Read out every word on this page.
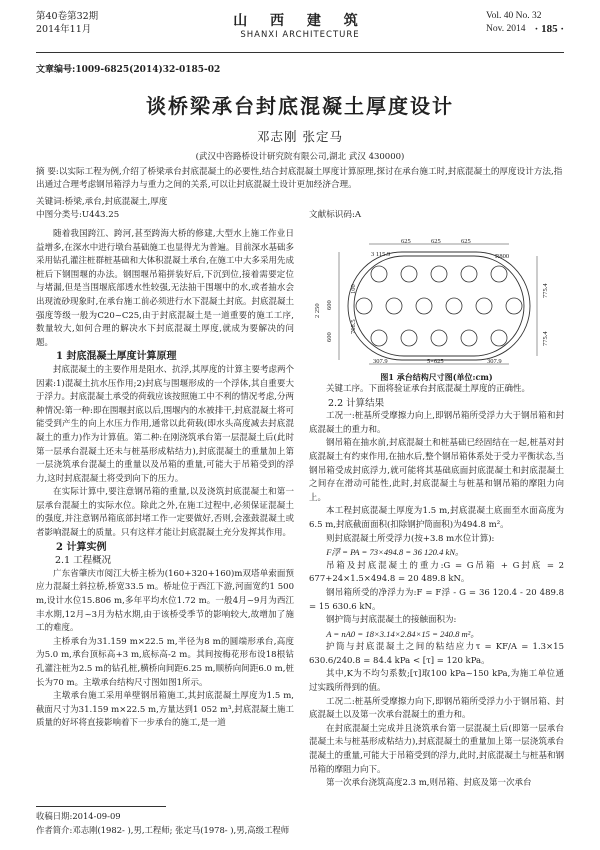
第40卷第32期
2014年11月
山 西 建 筑
SHANXI ARCHITECTURE
Vol. 40 No. 32
Nov. 2014 · 185 ·
文章编号:1009-6825(2014)32-0185-02
谈桥梁承台封底混凝土厚度设计
邓志刚 张定马
(武汉中咨路桥设计研究院有限公司,湖北 武汉 430000)

摘 要:以实际工程为例,介绍了桥梁承台封底混凝土的必要性,结合封底混凝土厚度计算原理,探讨在承台施工时,封底混凝土的厚度设计方法,指出通过合理考虑钢吊箱浮力与重力之间的关系,可以让封底混凝土设计更加经济合理。

关键词:桥梁,承台,封底混凝土,厚度
中图分类号:U443.25	文献标识码:A

随着我国跨江、跨河,甚至跨海大桥的修建,大型水上施工作业日益增多,在深水中进行墩台基础施工也显得尤为普遍。目前深水基础多采用钻孔灌注桩群桩基础和大体积混凝土承台,在施工中大多采用先成桩后下钢围堰的办法。钢围堰吊箱拼装好后,下沉到位,接着需要定位与堵漏,但是当围堰底部透水性较强,无法抽干围堰中的水,或者抽水会出现流砂现象时,在承台施工前必须进行水下混凝土封底。封底混凝土强度等级一般为C20~C25,由于封底混凝土是一道重要的施工工序,数量较大,如何合理的解决水下封底混凝土厚度,就成为要解决的问题。

1 封底混凝土厚度计算原理

封底混凝土的主要作用是阻水、抗浮,其厚度的计算主要考虑两个因素:1)混凝土抗水压作用;2)封底与围堰形成的一个浮体,其自重要大于浮力。封底混凝土承受的荷载应该按照施工中不利的情况考虑,分两种情况:第一种:即在围堰封底以后,围堰内的水被排干,封底混凝土将可能受到产生的向上水压力作用,通常以此荷载(即水头高度减去封底混凝土的重力)作为计算值。第二种:在刚浇筑承台第一层混凝土后(此时第一层承台混凝土还未与桩基形成粘结力),封底混凝土的重量加上第一层浇筑承台混凝土的重量以及吊箱的重量,可能大于吊箱受到的浮力,这时封底混凝土将受到向下的压力。

在实际计算中,要注意钢吊箱的重量,以及浇筑封底混凝土和第一层承台混凝土的实际水位。除此之外,在施工过程中,必须保证混凝土的强度,并注意钢吊箱底部封堵工作一定要做好,否则,会涨鼓混凝土或者影响混凝土的质量。只有这样才能让封底混凝土充分发挥其作用。

2 计算实例

2.1 工程概况

广东省肇庆市阅江大桥主桥为(160+320+160)m双塔单索面预应力混凝土斜拉桥,桥宽33.5 m。桥址位于西江下游,河面宽约1 500 m,设计水位15.806 m,多年平均水位1.72 m。一般4月~9月为西江丰水期,12月~3月为枯水期,由于该桥受季节的影响较大,故增加了施工的难度。

主桥承台为31.159 m×22.5 m,半径为8 m的圆端形承台,高度为5.0 m,承台顶标高+3 m,底标高-2 m。其间按梅花形布设18根钻孔灌注桩为2.5 m的钻孔桩,横桥向间距6.25 m,顺桥向间距6.0 m,桩长为70 m。主墩承台结构尺寸图如图1所示。

主墩承台施工采用单壁钢吊箱施工,其封底混凝土厚度为1.5 m,截面尺寸为31.159 m×22.5 m,方量达到1 052 m³,封底混凝土施工质量的好坏将直接影响着下一步承台的施工,是一道

625	625	625
3 115.9	R800
2 250
600
600
100
768.5
775.4
775.4
307.9	5×625	307.9
图1 承台结构尺寸图(单位:cm)

关键工序。下面将验证承台封底混凝土厚度的正确性。

2.2 计算结果

工况一:桩基所受摩擦力向上,即钢吊箱所受浮力大于钢吊箱和封底混凝土的重力和。

钢吊箱在抽水前,封底混凝土和桩基础已经固结在一起,桩基对封底混凝土有约束作用,在抽水后,整个钢吊箱体系处于受力平衡状态,当钢吊箱受成封底浮力,就可能将其基础底面封底混凝土和封底混凝土之间存在滑动可能性,此时,封底混凝土与桩基和钢吊箱的摩阻力向上。

本工程封底混凝土厚度为1.5 m,封底混凝土底面至水面高度为6.5 m,封底截面面积(扣除钢护筒面积)为494.8 m²。

则封底混凝土所受浮力(按+3.8 m水位计算):

F浮 = PA = 73×494.8 = 36 120.4 kN。

吊箱及封底混凝土的重力:G = G吊箱 + G封底 = 2 677+24×1.5×494.8 = 20 489.8 kN。

钢吊箱所受的净浮力为:F = F浮 - G = 36 120.4 - 20 489.8 = 15 630.6 kN。

钢护筒与封底混凝土的接触面积为:

A = nA0 = 18×3.14×2.84×15 = 240.8 m²。

护筒与封底混凝土之间的粘结应力τ = KF/A = 1.3×15 630.6/240.8 = 84.4 kPa < [τ] = 120 kPa。

其中,K为不均匀系数;[τ]取100 kPa~150 kPa,为施工单位通过实践所得到的值。

工况二:桩基所受摩擦力向下,即钢吊箱所受浮力小于钢吊箱、封底混凝土以及第一次承台混凝土的重力和。

在封底混凝土完成并且浇筑承台第一层混凝土后(即第一层承台混凝土未与桩基形成粘结力),封底混凝土的重量加上第一层浇筑承台混凝土的重量,可能大于吊箱受到的浮力,此时,封底混凝土与桩基和钢吊箱的摩阻力向下。

第一次承台浇筑高度2.3 m,则吊箱、封底及第一次承台

收稿日期:2014-09-09
作者简介:邓志刚(1982- ),男,工程师; 张定马(1978- ),男,高级工程师
